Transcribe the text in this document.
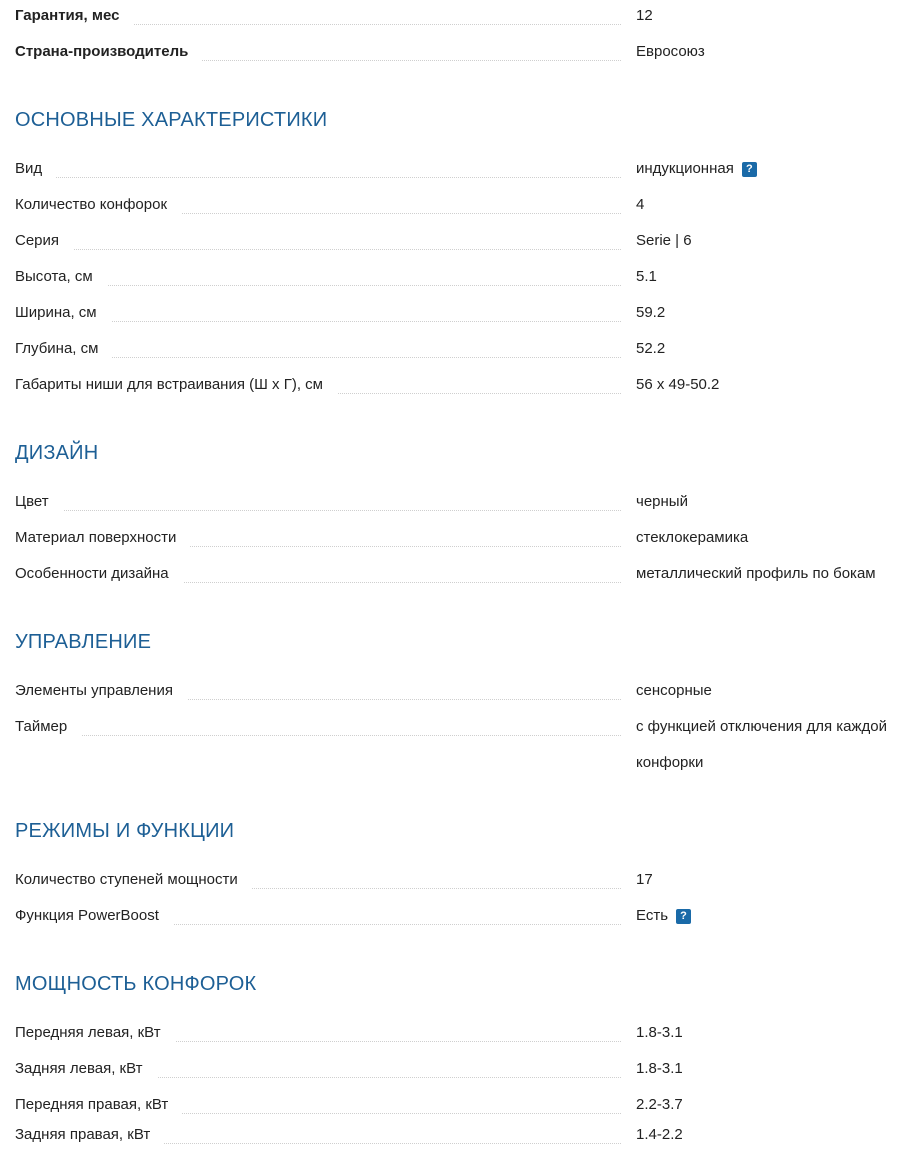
Гарантия, мес	12
Страна-производитель	Евросоюз
ОСНОВНЫЕ ХАРАКТЕРИСТИКИ
Вид	индукционная ?
Количество конфорок	4
Серия	Serie | 6
Высота, см	5.1
Ширина, см	59.2
Глубина, см	52.2
Габариты ниши для встраивания (Ш x Г), см	56 x 49-50.2
ДИЗАЙН
Цвет	черный
Материал поверхности	стеклокерамика
Особенности дизайна	металлический профиль по бокам
УПРАВЛЕНИЕ
Элементы управления	сенсорные
Таймер	с функцией отключения для каждой конфорки
РЕЖИМЫ И ФУНКЦИИ
Количество ступеней мощности	17
Функция PowerBoost	Есть ?
МОЩНОСТЬ КОНФОРОК
Передняя левая, кВт	1.8-3.1
Задняя левая, кВт	1.8-3.1
Передняя правая, кВт	2.2-3.7
Задняя правая, кВт	1.4-2.2
